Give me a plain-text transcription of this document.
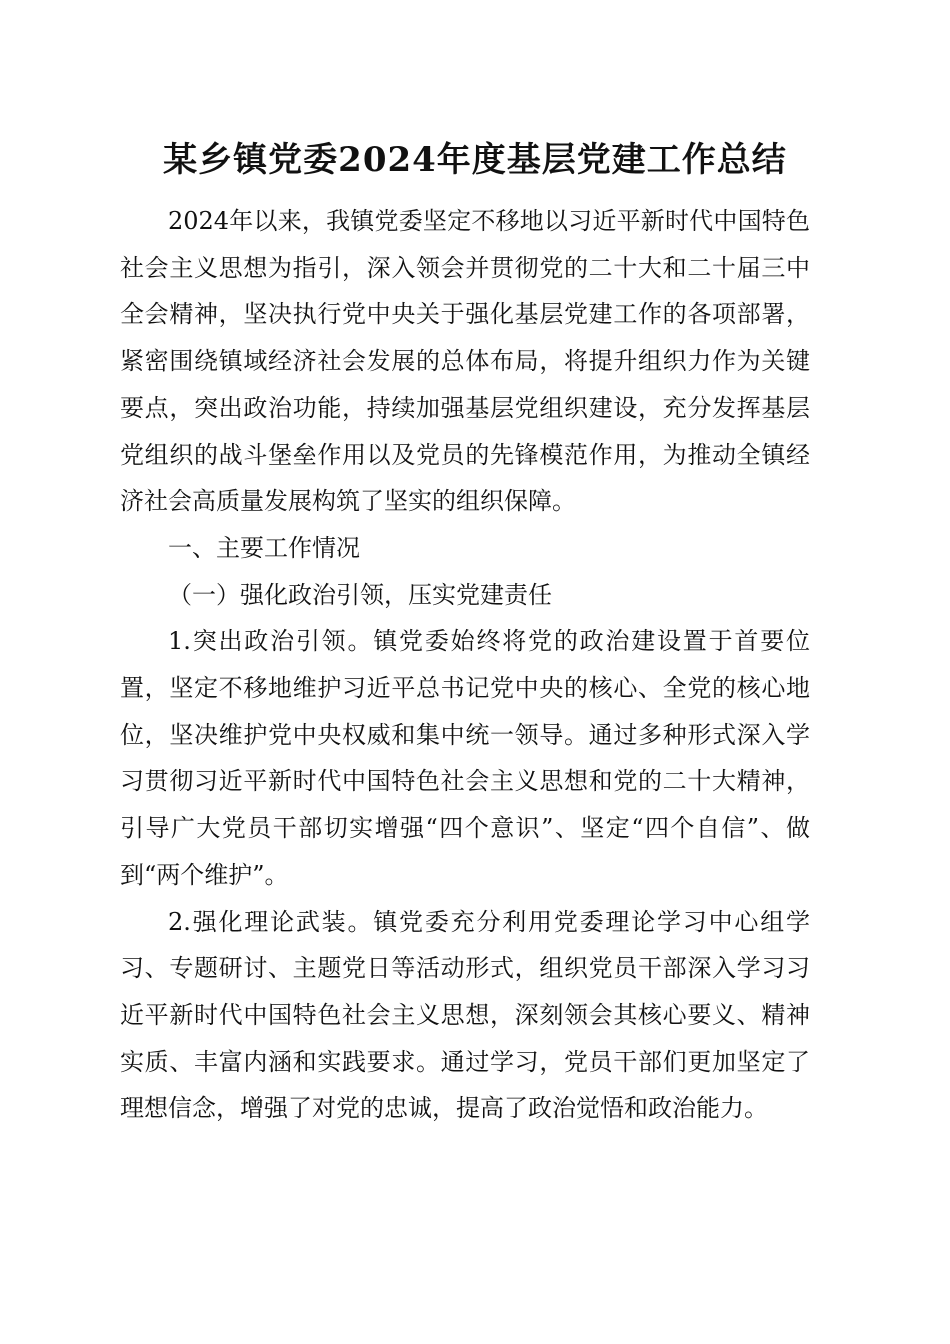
某乡镇党委2024年度基层党建工作总结

2024年以来，我镇党委坚定不移地以习近平新时代中国特色社会主义思想为指引，深入领会并贯彻党的二十大和二十届三中全会精神，坚决执行党中央关于强化基层党建工作的各项部署，紧密围绕镇域经济社会发展的总体布局，将提升组织力作为关键要点，突出政治功能，持续加强基层党组织建设，充分发挥基层党组织的战斗堡垒作用以及党员的先锋模范作用，为推动全镇经济社会高质量发展构筑了坚实的组织保障。

一、主要工作情况

（一）强化政治引领，压实党建责任

1.突出政治引领。镇党委始终将党的政治建设置于首要位置，坚定不移地维护习近平总书记党中央的核心、全党的核心地位，坚决维护党中央权威和集中统一领导。通过多种形式深入学习贯彻习近平新时代中国特色社会主义思想和党的二十大精神，引导广大党员干部切实增强“四个意识”、坚定“四个自信”、做到“两个维护”。

2.强化理论武装。镇党委充分利用党委理论学习中心组学习、专题研讨、主题党日等活动形式，组织党员干部深入学习习近平新时代中国特色社会主义思想，深刻领会其核心要义、精神实质、丰富内涵和实践要求。通过学习，党员干部们更加坚定了理想信念，增强了对党的忠诚，提高了政治觉悟和政治能力。
